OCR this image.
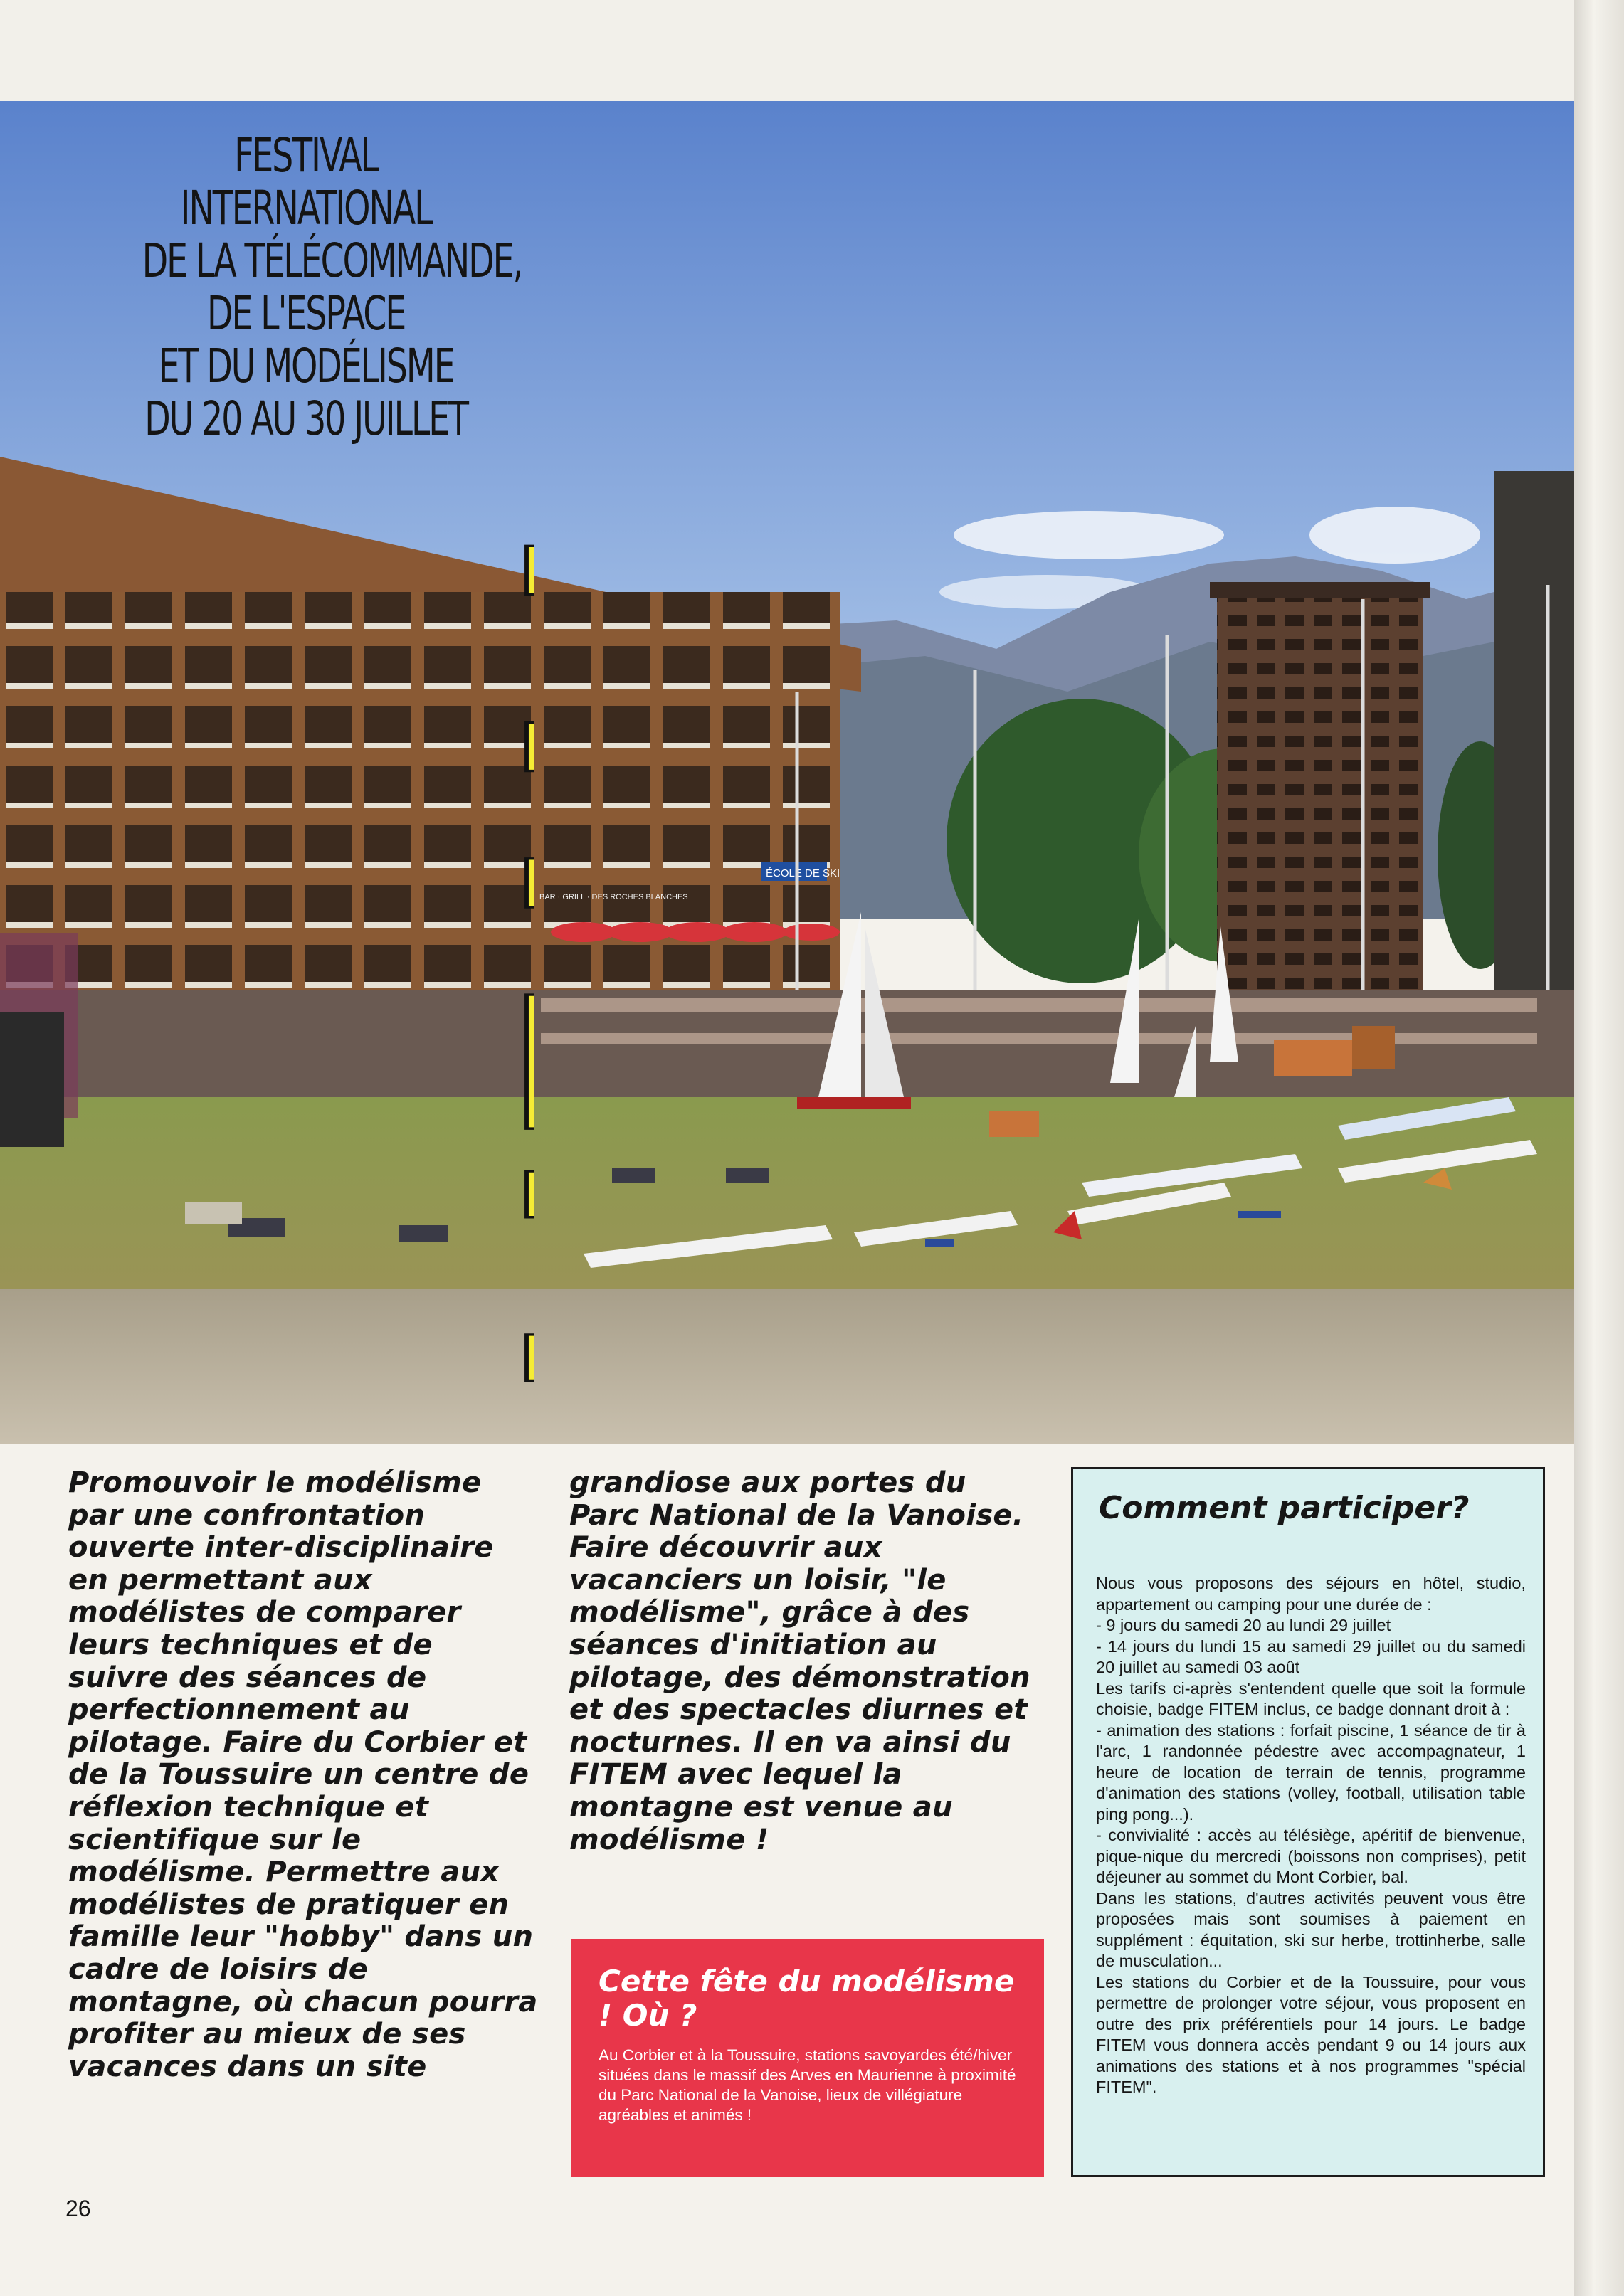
ÉCOLE DE SKI
BAR · GRILL · DES ROCHES BLANCHES
FESTIVAL
INTERNATIONAL
DE LA TÉLÉCOMMANDE,
DE L'ESPACE
ET DU MODÉLISME
DU 20 AU 30 JUILLET
FITEM
Promouvoir le modélisme par une confrontation ouverte inter-disciplinaire en permettant aux modélistes de comparer leurs techniques et de suivre des séances de perfectionnement au pilotage. Faire du Corbier et de la Toussuire un centre de réflexion technique et scientifique sur le modélisme. Permettre aux modélistes de pratiquer en famille leur "hobby" dans un cadre de loisirs de montagne, où chacun pourra profiter au mieux de ses vacances dans un site
grandiose aux portes du Parc National de la Vanoise. Faire découvrir aux vacanciers un loisir, "le modélisme", grâce à des séances d'initiation au pilotage, des démonstration et des spectacles diurnes et nocturnes. Il en va ainsi du FITEM avec lequel la montagne est venue au modélisme !
Cette fête du modélisme ! Où ?
Au Corbier et à la Toussuire, stations savoyardes été/hiver situées dans le massif des Arves en Maurienne à proximité du Parc National de la Vanoise, lieux de villégiature agréables et animés !
Comment participer?

Nous vous proposons des séjours en hôtel, studio, appartement ou camping pour une durée de :

- 9 jours du samedi 20 au lundi 29 juillet

- 14 jours du lundi 15 au samedi 29 juillet ou du samedi 20 juillet au samedi 03 août

Les tarifs ci-après s'entendent quelle que soit la formule choisie, badge FITEM inclus, ce badge donnant droit à :

- animation des stations : forfait piscine, 1 séance de tir à l'arc, 1 randonnée pédestre avec accompagnateur, 1 heure de location de terrain de tennis, programme d'animation des stations (volley, football, utilisation table ping pong...).

- convivialité : accès au télésiège, apéritif de bienvenue, pique-nique du mercredi (boissons non comprises), petit déjeuner au sommet du Mont Corbier, bal.

Dans les stations, d'autres activités peuvent vous être proposées mais sont soumises à paiement en supplément : équitation, ski sur herbe, trottinherbe, salle de musculation...

Les stations du Corbier et de la Toussuire, pour vous permettre de prolonger votre séjour, vous proposent en outre des prix préférentiels pour 14 jours. Le badge FITEM vous donnera accès pendant 9 ou 14 jours aux animations des stations et à nos programmes "spécial FITEM".

26
